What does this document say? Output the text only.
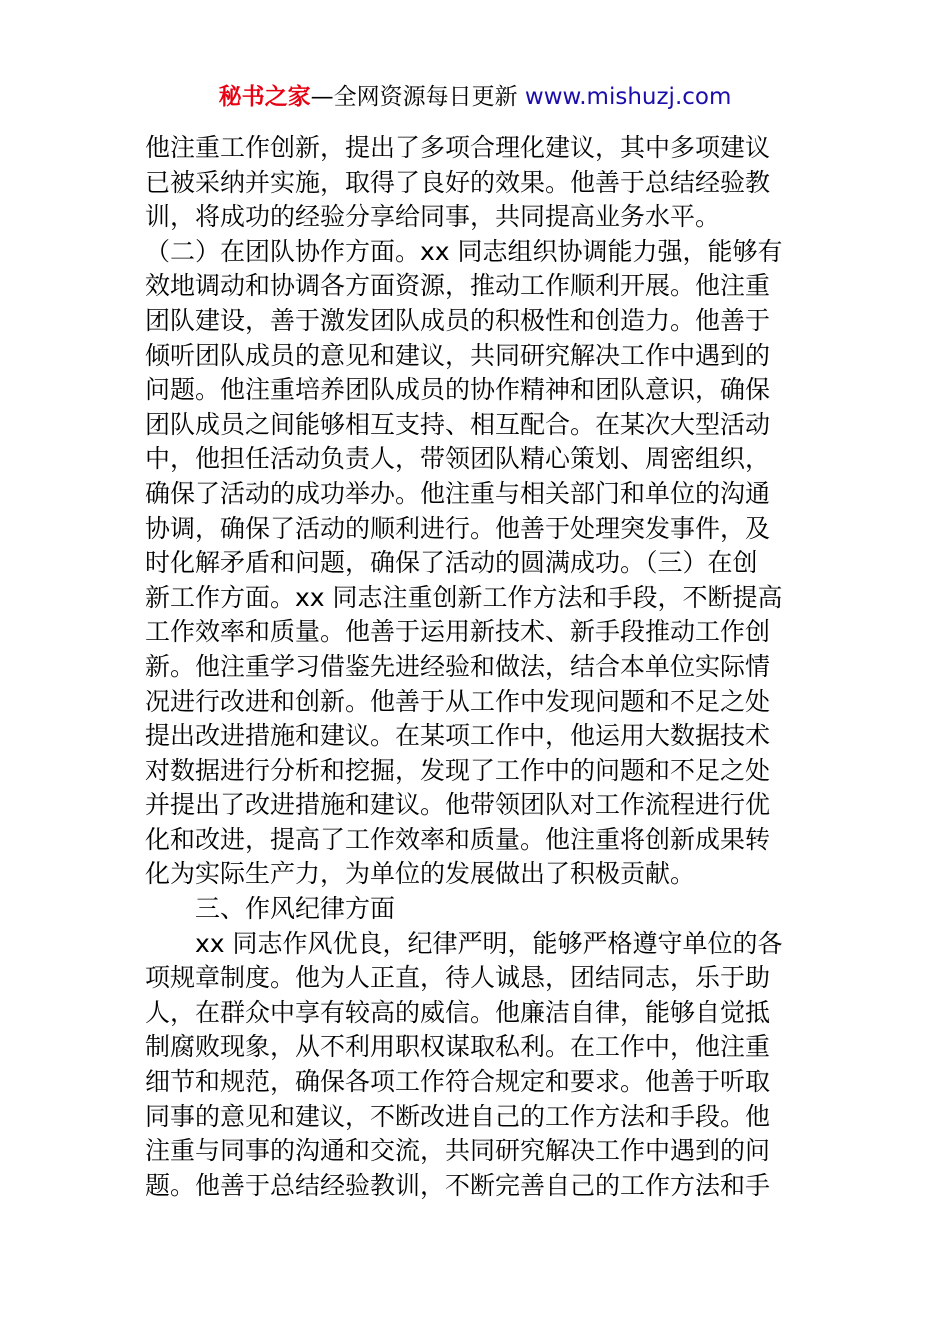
秘书之家—全网资源每日更新 www.mishuzj.com
他注重工作创新，提出了多项合理化建议，其中多项建议
已被采纳并实施，取得了良好的效果。他善于总结经验教
训，将成功的经验分享给同事，共同提高业务水平。
（二）在团队协作方面。xx 同志组织协调能力强，能够有
效地调动和协调各方面资源，推动工作顺利开展。他注重
团队建设，善于激发团队成员的积极性和创造力。他善于
倾听团队成员的意见和建议，共同研究解决工作中遇到的
问题。他注重培养团队成员的协作精神和团队意识，确保
团队成员之间能够相互支持、相互配合。在某次大型活动
中，他担任活动负责人，带领团队精心策划、周密组织，
确保了活动的成功举办。他注重与相关部门和单位的沟通
协调，确保了活动的顺利进行。他善于处理突发事件，及
时化解矛盾和问题，确保了活动的圆满成功。（三）在创
新工作方面。xx 同志注重创新工作方法和手段，不断提高
工作效率和质量。他善于运用新技术、新手段推动工作创
新。他注重学习借鉴先进经验和做法，结合本单位实际情
况进行改进和创新。他善于从工作中发现问题和不足之处
提出改进措施和建议。在某项工作中，他运用大数据技术
对数据进行分析和挖掘，发现了工作中的问题和不足之处
并提出了改进措施和建议。他带领团队对工作流程进行优
化和改进，提高了工作效率和质量。他注重将创新成果转
化为实际生产力，为单位的发展做出了积极贡献。
三、作风纪律方面
xx 同志作风优良，纪律严明，能够严格遵守单位的各
项规章制度。他为人正直，待人诚恳，团结同志，乐于助
人，在群众中享有较高的威信。他廉洁自律，能够自觉抵
制腐败现象，从不利用职权谋取私利。在工作中，他注重
细节和规范，确保各项工作符合规定和要求。他善于听取
同事的意见和建议，不断改进自己的工作方法和手段。他
注重与同事的沟通和交流，共同研究解决工作中遇到的问
题。他善于总结经验教训，不断完善自己的工作方法和手
